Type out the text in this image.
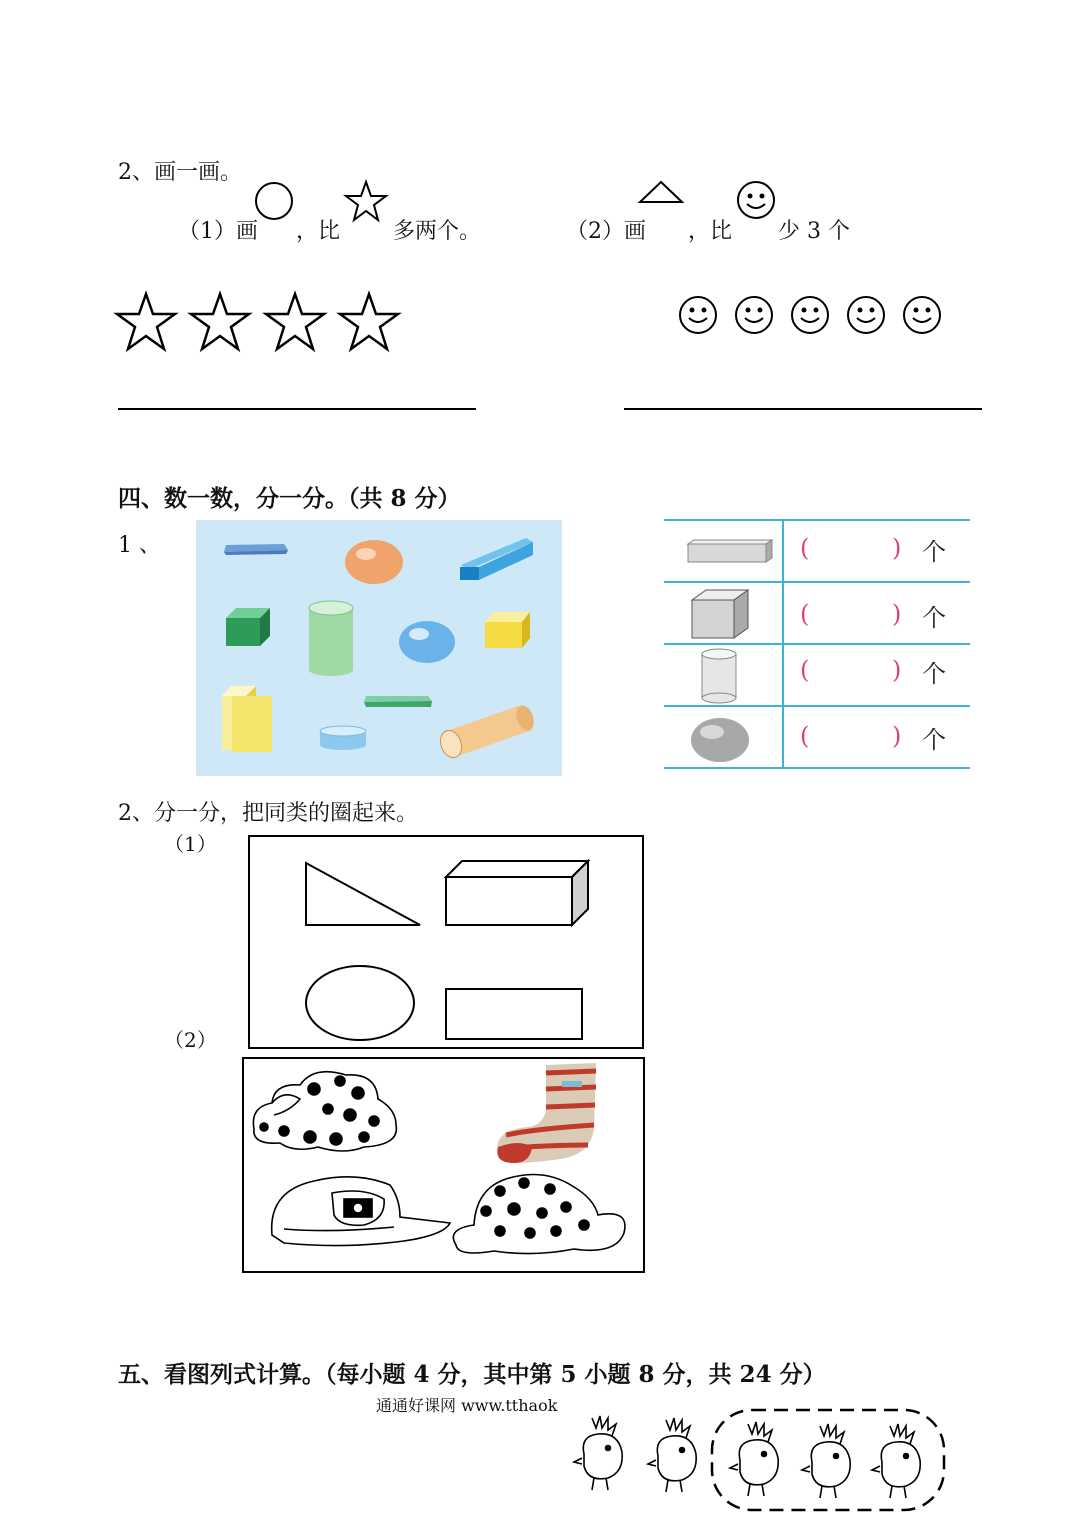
2、画一画。
（1）画 ，比 多两个。	（2）画 ，比 少 3 个
四、数一数，分一分。（共 8 分）
1 、	(	) 个
(	) 个
(	) 个
(	) 个
2、分一分，把同类的圈起来。
（1）
（2）
五、看图列式计算。（每小题 4 分，其中第 5 小题 8 分，共 24 分）
通通好课网 www.tthaok
